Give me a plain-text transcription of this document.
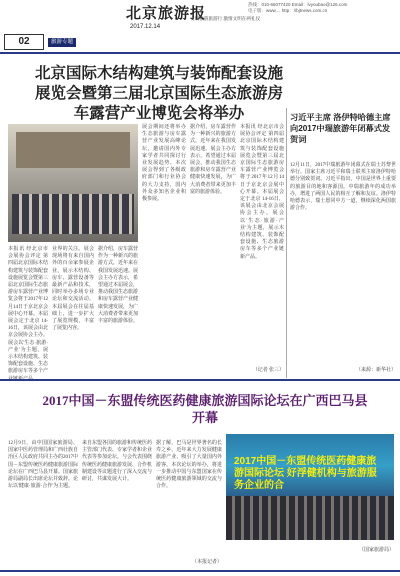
02
北京旅游报
2017.12.14
旅游专题
文明旅游旅游行 激情文明在两礼仪
热线：010-66077420 Email：lvyoubao@126.com
电子版：www.... http：//bjtnews.com.cn
北京国际木结构建筑与装饰配套设施展览会暨第三届北京国际生态旅游房车露营产业博览会将举办
本报讯 经北京市会展协会评定 第四届北京国际木结构建筑与装饰配套设施展览会暨第三届北京国际生态旅游房车露营产业博览会将于2017年12月14日于京北京会展中心开幕。本届展会定于北京 14-16日，该展会由北京会展协会主办。展会以'生态·旅游·产业'为主题，展示木结构建筑、装饰配套设施、生态旅游房车等多个产
业界的关注。展会现场将有来自国内外的百余家参展企业，展示木结构、房车、露营设备等最新产品和技术，同时举办多场专业论坛和交流活动。本届展会在往届基础上，进一步扩大了展览规模，丰富了展览内容。
展会期间还将举办生态旅游与房车露营产业发展高峰论坛，邀请国内外专家学者共同探讨行业发展趋势。本次展会得到了各级政府部门和行业协会的大力支持，国内外众多知名企业积极参展。
据介绍，房车露营作为一种新兴的旅游方式，近年来在我国发展迅速。展会主办方表示，希望通过本届展会，推动我国生态旅游和房车露营产业健康快速发展，为广大消费者带来更加丰富的旅游体验。
据介绍，房车露营作为一种新兴的旅游方式，近年来在我国发展迅速。展会主办方表示，希望通过本届展会，推动我国生态旅游和房车露营产业健康快速发展，为广大消费者带来更加丰富的旅游体验。
本报讯 经北京市会展协会评定 第四届北京国际木结构建筑与装饰配套设施展览会暨第三届北京国际生态旅游房车露营产业博览会将于2017年12月14日于京北京会展中心开幕。本届展会定于北京 14-16日，该展会由北京会展协会主办。展会以'生态·旅游·产业'为主题，展示木结构建筑、装饰配套设施、生态旅游房车等多个产业链新产品。
（记者 张三）
习近平主席 洛伊特哈德主席 向2017中瑞旅游年闭幕式发贺词
12月11日，2017中瑞旅游年闭幕式在瑞士苏黎世举行。国家主席习近平和瑞士联邦主席洛伊特哈德分别致贺词。习近平指出，中国是世界上重要的旅游目的地和客源国。中瑞旅游年的成功举办，增进了两国人民的相互了解和友谊。洛伊特哈德表示，瑞士愿同中方一道，继续深化两国旅游合作。
（来源：新华社）
2017中国－东盟传统医药健康旅游国际论坛在广西巴马县开幕
12月9日，由中国国家旅游局、国家中医药管理局和广西壮族自治区人民政府共同主办的2017中国－东盟传统医药健康旅游国际论坛在广西巴马县开幕。国家旅游局副局长出席论坛并致辞。论坛以'健康·旅游·合作'为主题。
来自东盟各国的旅游和传统医药主管部门代表、专家学者和企业代表等参加论坛。与会代表围绕传统医药健康旅游发展、合作机制建设等议题进行了深入交流与研讨，共谋发展大计。
据了解，巴马是世界著名的长寿之乡，近年来大力发展健康旅游产业，吸引了大量国内外游客。本次论坛的举办，将进一步推动中国与东盟国家在传统医药健康旅游领域的交流与合作。
（本报记者）
2017中国－东盟传统医药健康旅游国际论坛 好浮健机构与旅游服务企业的合
（国家旅游局）
